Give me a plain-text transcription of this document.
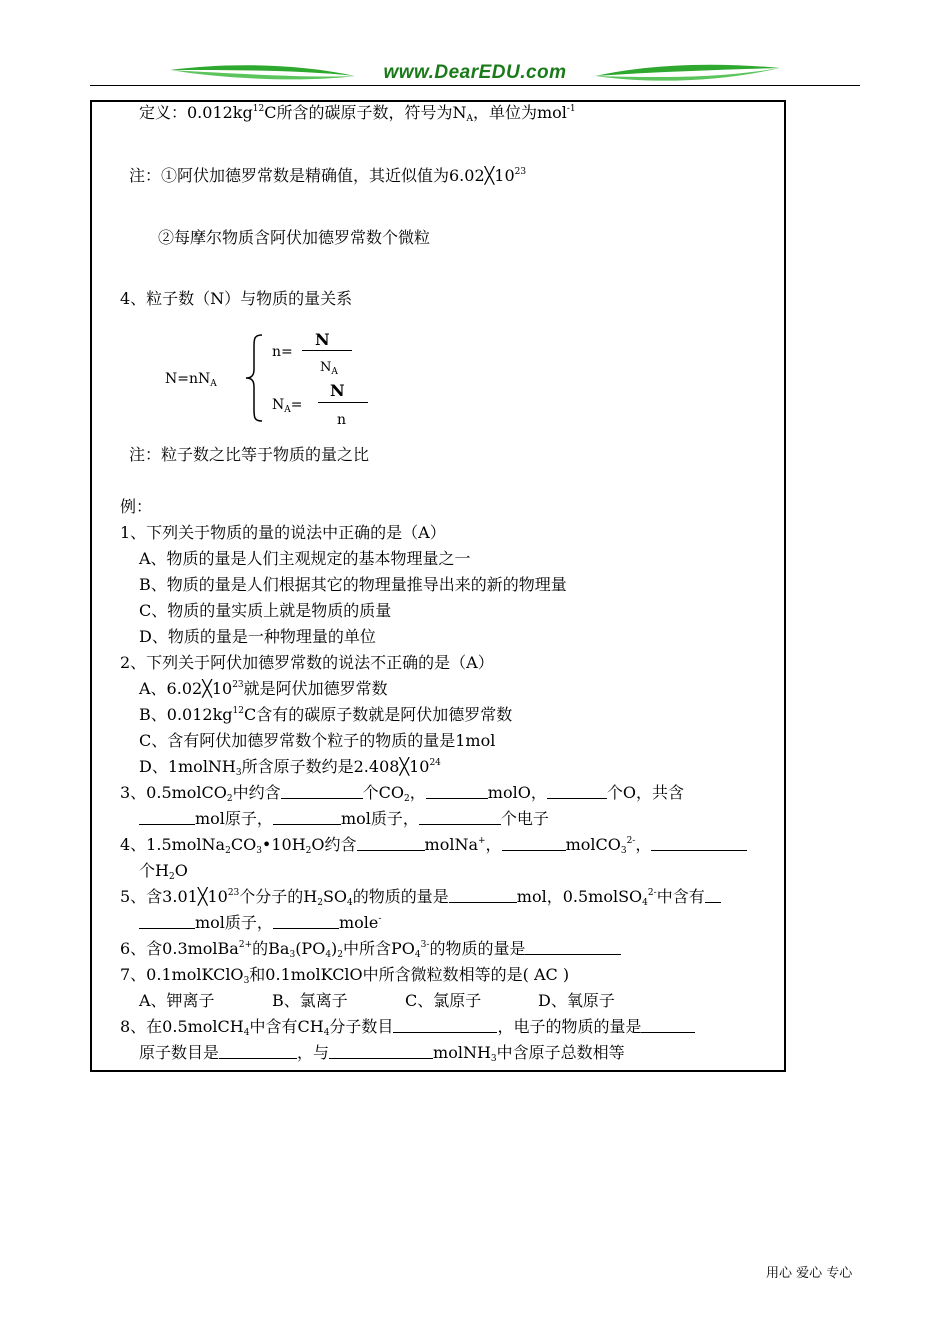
www.DearEDU.com
定义：$0.012kg^{12}C$所含的碳原子数，符号为$N_A$，单位为mol$^{-1}$
注：①阿伏加德罗常数是精确值，其近似值为$6.02╳10^{23}$
②每摩尔物质含阿伏加德罗常数个微粒
4、粒子数（N）与物质的量关系
$N=nN_A$
n=
N
$N_A$
$N_A=$
N
n
注：粒子数之比等于物质的量之比
例：
1、下列关于物质的量的说法中正确的是（A）
A、物质的量是人们主观规定的基本物理量之一
B、物质的量是人们根据其它的物理量推导出来的新的物理量
C、物质的量实质上就是物质的质量
D、物质的量是一种物理量的单位
2、下列关于阿伏加德罗常数的说法不正确的是（A）
A、$6.02╳10^{23}$就是阿伏加德罗常数
B、$0.012kg^{12}C$含有的碳原子数就是阿伏加德罗常数
C、含有阿伏加德罗常数个粒子的物质的量是1mol
D、1molNH$_3$所含原子数约是$2.408╳10^{24}$
3、0.5molCO$_2$中约含	个$CO_2$，	molO，	个O，共含
mol原子，	mol质子，	个电子
4、$1.5molNa_2CO_3•10H_2O$约含	molNa+，	molCO$_3^{2-}$，
个$H_2O$
5、含$3.01╳10^{23}$个分子的$H_2SO_4$的物质的量是	mol，0.5molSO$_4^{2-}$中含有
mol质子，	mole-
6、含0.3molBa$^{2+}$的$Ba_3(PO_4)_2$中所含$PO_4^{3-}$的物质的量是
7、0.1molKClO$_3$和0.1molKClO中所含微粒数相等的是( AC )
A、钾离子	B、氯离子	C、氯原子	D、氧原子
8、在0.5molCH$_4$中含有$CH_4$分子数目	，电子的物质的量是
原子数目是	，与	molNH$_3$中含原子总数相等
用心 爱心 专心
